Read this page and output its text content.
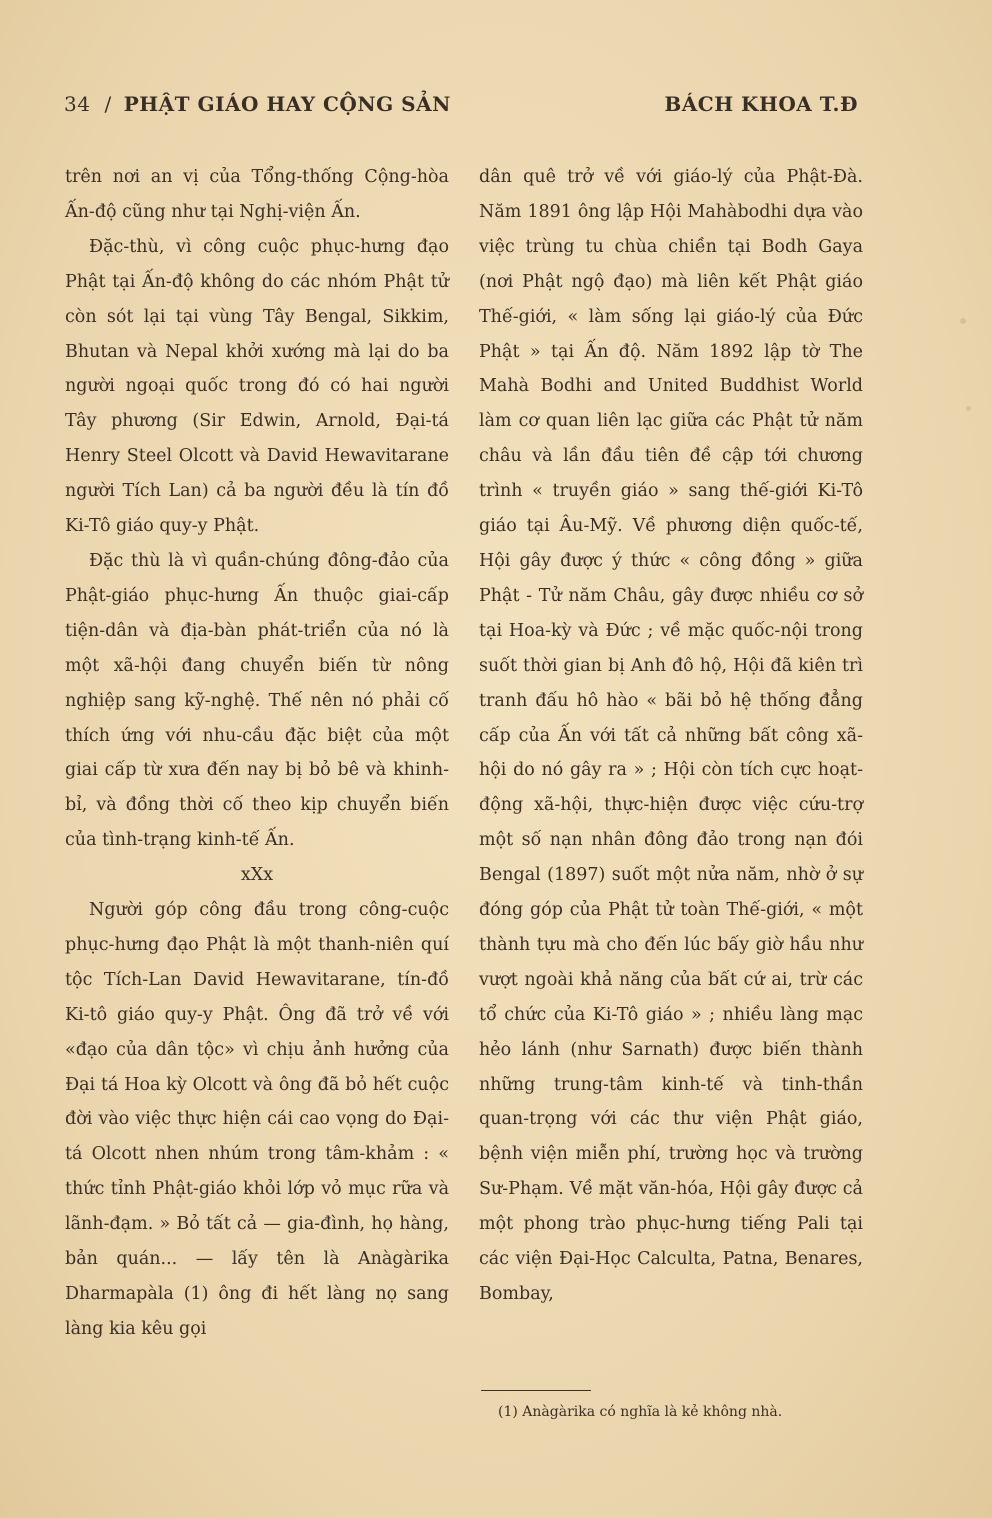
34 / PHẬT GIÁO HAY CỘNG SẢN	BÁCH KHOA T.Đ

trên nơi an vị của Tổng-thống Cộng-hòa Ấn-độ cũng như tại Nghị-viện Ấn.

Đặc-thù, vì công cuộc phục-hưng đạo Phật tại Ấn-độ không do các nhóm Phật tử còn sót lại tại vùng Tây Bengal, Sikkim, Bhutan và Nepal khởi xướng mà lại do ba người ngoại quốc trong đó có hai người Tây phương (Sir Edwin, Arnold, Đại-tá Henry Steel Olcott và David Hewavitarane người Tích Lan) cả ba người đều là tín đồ Ki-Tô giáo quy-y Phật.

Đặc thù là vì quần-chúng đông-đảo của Phật-giáo phục-hưng Ấn thuộc giai-cấp tiện-dân và địa-bàn phát-triển của nó là một xã-hội đang chuyển biến từ nông nghiệp sang kỹ-nghệ. Thế nên nó phải cố thích ứng với nhu-cầu đặc biệt của một giai cấp từ xưa đến nay bị bỏ bê và khinh-bỉ, và đồng thời cố theo kịp chuyển biến của tình-trạng kinh-tế Ấn.

xXx

Người góp công đầu trong công-cuộc phục-hưng đạo Phật là một thanh-niên quí tộc Tích-Lan David Hewavitarane, tín-đồ Ki-tô giáo quy-y Phật. Ông đã trở về với «đạo của dân tộc» vì chịu ảnh hưởng của Đại tá Hoa kỳ Olcott và ông đã bỏ hết cuộc đời vào việc thực hiện cái cao vọng do Đại-tá Olcott nhen nhúm trong tâm-khảm : « thức tỉnh Phật-giáo khỏi lớp vỏ mục rữa và lãnh-đạm. » Bỏ tất cả — gia-đình, họ hàng, bản quán... — lấy tên là Anàgàrika Dharmapàla (1) ông đi hết làng nọ sang làng kia kêu gọi

dân quê trở về với giáo-lý của Phật-Đà. Năm 1891 ông lập Hội Mahàbodhi dựa vào việc trùng tu chùa chiền tại Bodh Gaya (nơi Phật ngộ đạo) mà liên kết Phật giáo Thế-giới, « làm sống lại giáo-lý của Đức Phật » tại Ấn độ. Năm 1892 lập tờ The Mahà Bodhi and United Buddhist World làm cơ quan liên lạc giữa các Phật tử năm châu và lần đầu tiên đề cập tới chương trình « truyền giáo » sang thế-giới Ki-Tô giáo tại Âu-Mỹ. Về phương diện quốc-tế, Hội gây được ý thức « công đồng » giữa Phật - Tử năm Châu, gây được nhiều cơ sở tại Hoa-kỳ và Đức ; về mặc quốc-nội trong suốt thời gian bị Anh đô hộ, Hội đã kiên trì tranh đấu hô hào « bãi bỏ hệ thống đẳng cấp của Ấn với tất cả những bất công xã-hội do nó gây ra » ; Hội còn tích cực hoạt-động xã-hội, thực-hiện được việc cứu-trợ một số nạn nhân đông đảo trong nạn đói Bengal (1897) suốt một nửa năm, nhờ ở sự đóng góp của Phật tử toàn Thế-giới, « một thành tựu mà cho đến lúc bấy giờ hầu như vượt ngoài khả năng của bất cứ ai, trừ các tổ chức của Ki-Tô giáo » ; nhiều làng mạc hẻo lánh (như Sarnath) được biến thành những trung-tâm kinh-tế và tinh-thần quan-trọng với các thư viện Phật giáo, bệnh viện miễn phí, trường học và trường Sư-Phạm. Về mặt văn-hóa, Hội gây được cả một phong trào phục-hưng tiếng Pali tại các viện Đại-Học Calculta, Patna, Benares, Bombay,

(1) Anàgàrika có nghĩa là kẻ không nhà.
